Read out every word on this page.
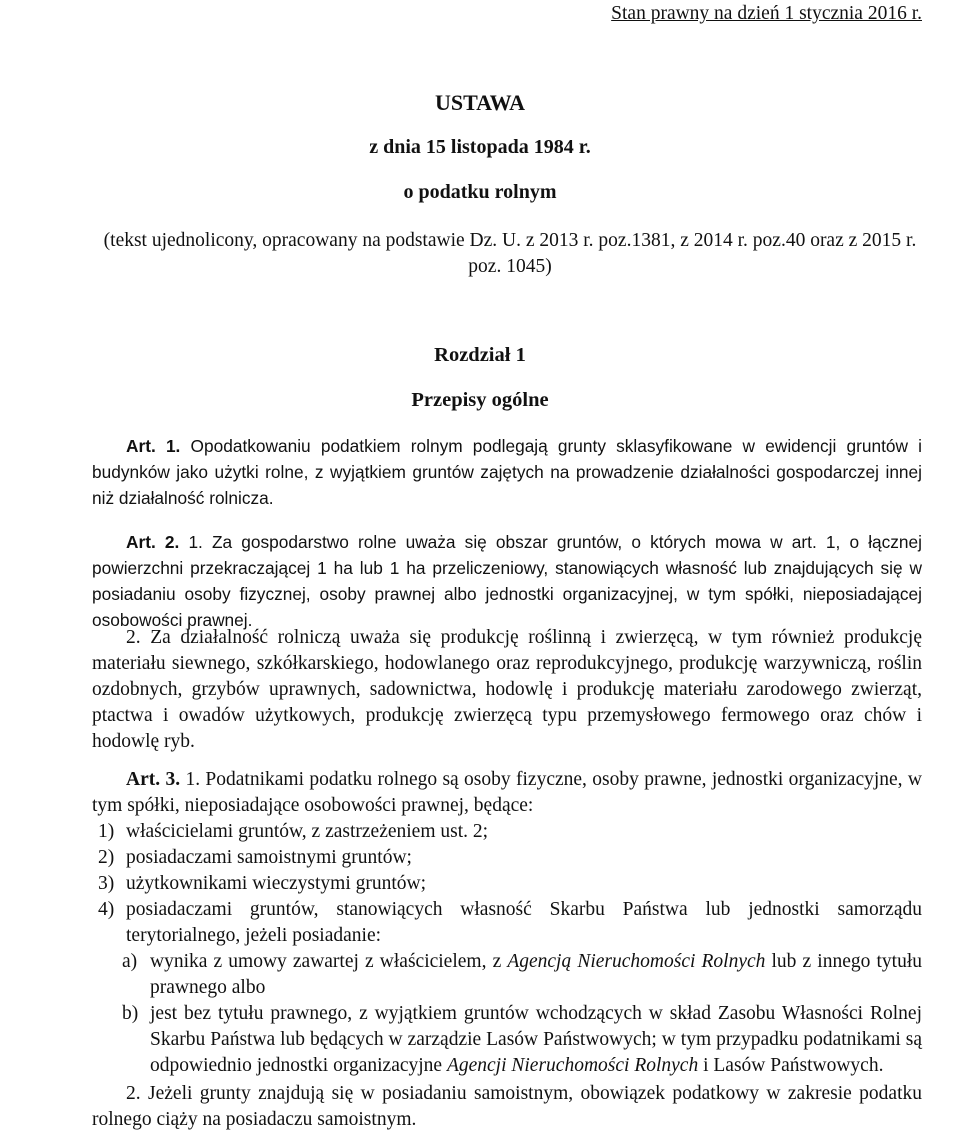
Stan prawny na dzień 1 stycznia 2016 r.
USTAWA
z dnia 15 listopada 1984 r.
o podatku rolnym
(tekst ujednolicony, opracowany na podstawie Dz. U. z 2013 r. poz.1381, z 2014 r. poz.40 oraz z 2015 r. poz. 1045)
Rozdział 1
Przepisy ogólne
Art. 1. Opodatkowaniu podatkiem rolnym podlegają grunty sklasyfikowane w ewidencji gruntów i budynków jako użytki rolne, z wyjątkiem gruntów zajętych na prowadzenie działalności gospodarczej innej niż działalność rolnicza.
Art. 2. 1. Za gospodarstwo rolne uważa się obszar gruntów, o których mowa w art. 1, o łącznej powierzchni przekraczającej 1 ha lub 1 ha przeliczeniowy, stanowiących własność lub znajdujących się w posiadaniu osoby fizycznej, osoby prawnej albo jednostki organizacyjnej, w tym spółki, nieposiadającej osobowości prawnej.
2. Za działalność rolniczą uważa się produkcję roślinną i zwierzęcą, w tym również produkcję materiału siewnego, szkółkarskiego, hodowlanego oraz reprodukcyjnego, produkcję warzywniczą, roślin ozdobnych, grzybów uprawnych, sadownictwa, hodowlę i produkcję materiału zarodowego zwierząt, ptactwa i owadów użytkowych, produkcję zwierzęcą typu przemysłowego fermowego oraz chów i hodowlę ryb.
Art. 3. 1. Podatnikami podatku rolnego są osoby fizyczne, osoby prawne, jednostki organizacyjne, w tym spółki, nieposiadające osobowości prawnej, będące:
1) właścicielami gruntów, z zastrzeżeniem ust. 2;
2) posiadaczami samoistnymi gruntów;
3) użytkownikami wieczystymi gruntów;
4) posiadaczami gruntów, stanowiących własność Skarbu Państwa lub jednostki samorządu terytorialnego, jeżeli posiadanie:
a) wynika z umowy zawartej z właścicielem, z Agencją Nieruchomości Rolnych lub z innego tytułu prawnego albo
b) jest bez tytułu prawnego, z wyjątkiem gruntów wchodzących w skład Zasobu Własności Rolnej Skarbu Państwa lub będących w zarządzie Lasów Państwowych; w tym przypadku podatnikami są odpowiednio jednostki organizacyjne Agencji Nieruchomości Rolnych i Lasów Państwowych.
2. Jeżeli grunty znajdują się w posiadaniu samoistnym, obowiązek podatkowy w zakresie podatku rolnego ciąży na posiadaczu samoistnym.
